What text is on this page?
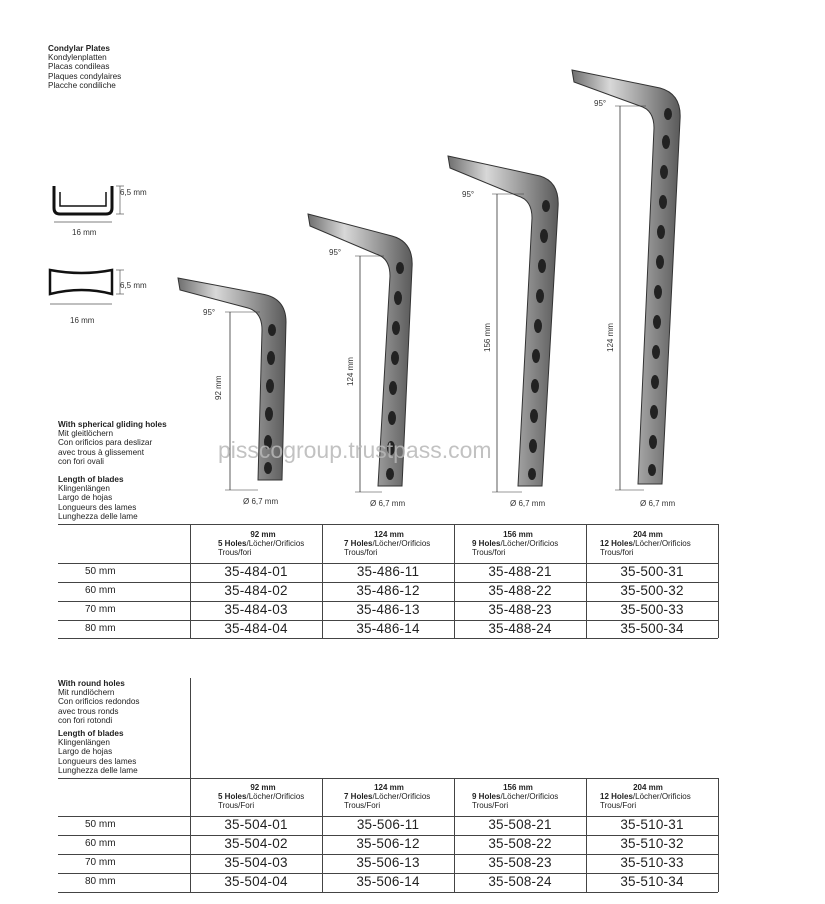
Condylar Plates
Kondylenplatten
Placas condileas
Plaques condylaires
Placche condiliche
6,5 mm
16 mm
6,5 mm
16 mm
95°
92 mm
Ø 6,7 mm
95°
124 mm
Ø 6,7 mm
95°
156 mm
Ø 6,7 mm
95°
124 mm
Ø 6,7 mm
pisscogroup.trustpass.com
With spherical gliding holes
Mit gleitlöchern
Con orificios para deslizar
avec trous à glissement
con fori ovali
Length of blades
Klingenlängen
Largo de hojas
Longueurs des lames
Lunghezza delle lame
92 mm
5 Holes/Löcher/Orificios
Trous/fori
124 mm
7 Holes/Löcher/Orificios
Trous/fori
156 mm
9 Holes/Löcher/Orificios
Trous/fori
204 mm
12 Holes/Löcher/Orificios
Trous/fori
50 mm	35-484-01	35-486-11	35-488-21	35-500-31
60 mm	35-484-02	35-486-12	35-488-22	35-500-32
70 mm	35-484-03	35-486-13	35-488-23	35-500-33
80 mm	35-484-04	35-486-14	35-488-24	35-500-34
With round holes
Mit rundlöchern
Con orificios redondos
avec trous ronds
con fori rotondi
Length of blades
Klingenlängen
Largo de hojas
Longueurs des lames
Lunghezza delle lame
92 mm
5 Holes/Löcher/Orificios
Trous/Fori
124 mm
7 Holes/Löcher/Orificios
Trous/Fori
156 mm
9 Holes/Löcher/Orificios
Trous/Fori
204 mm
12 Holes/Löcher/Orificios
Trous/Fori
50 mm	35-504-01	35-506-11	35-508-21	35-510-31
60 mm	35-504-02	35-506-12	35-508-22	35-510-32
70 mm	35-504-03	35-506-13	35-508-23	35-510-33
80 mm	35-504-04	35-506-14	35-508-24	35-510-34
